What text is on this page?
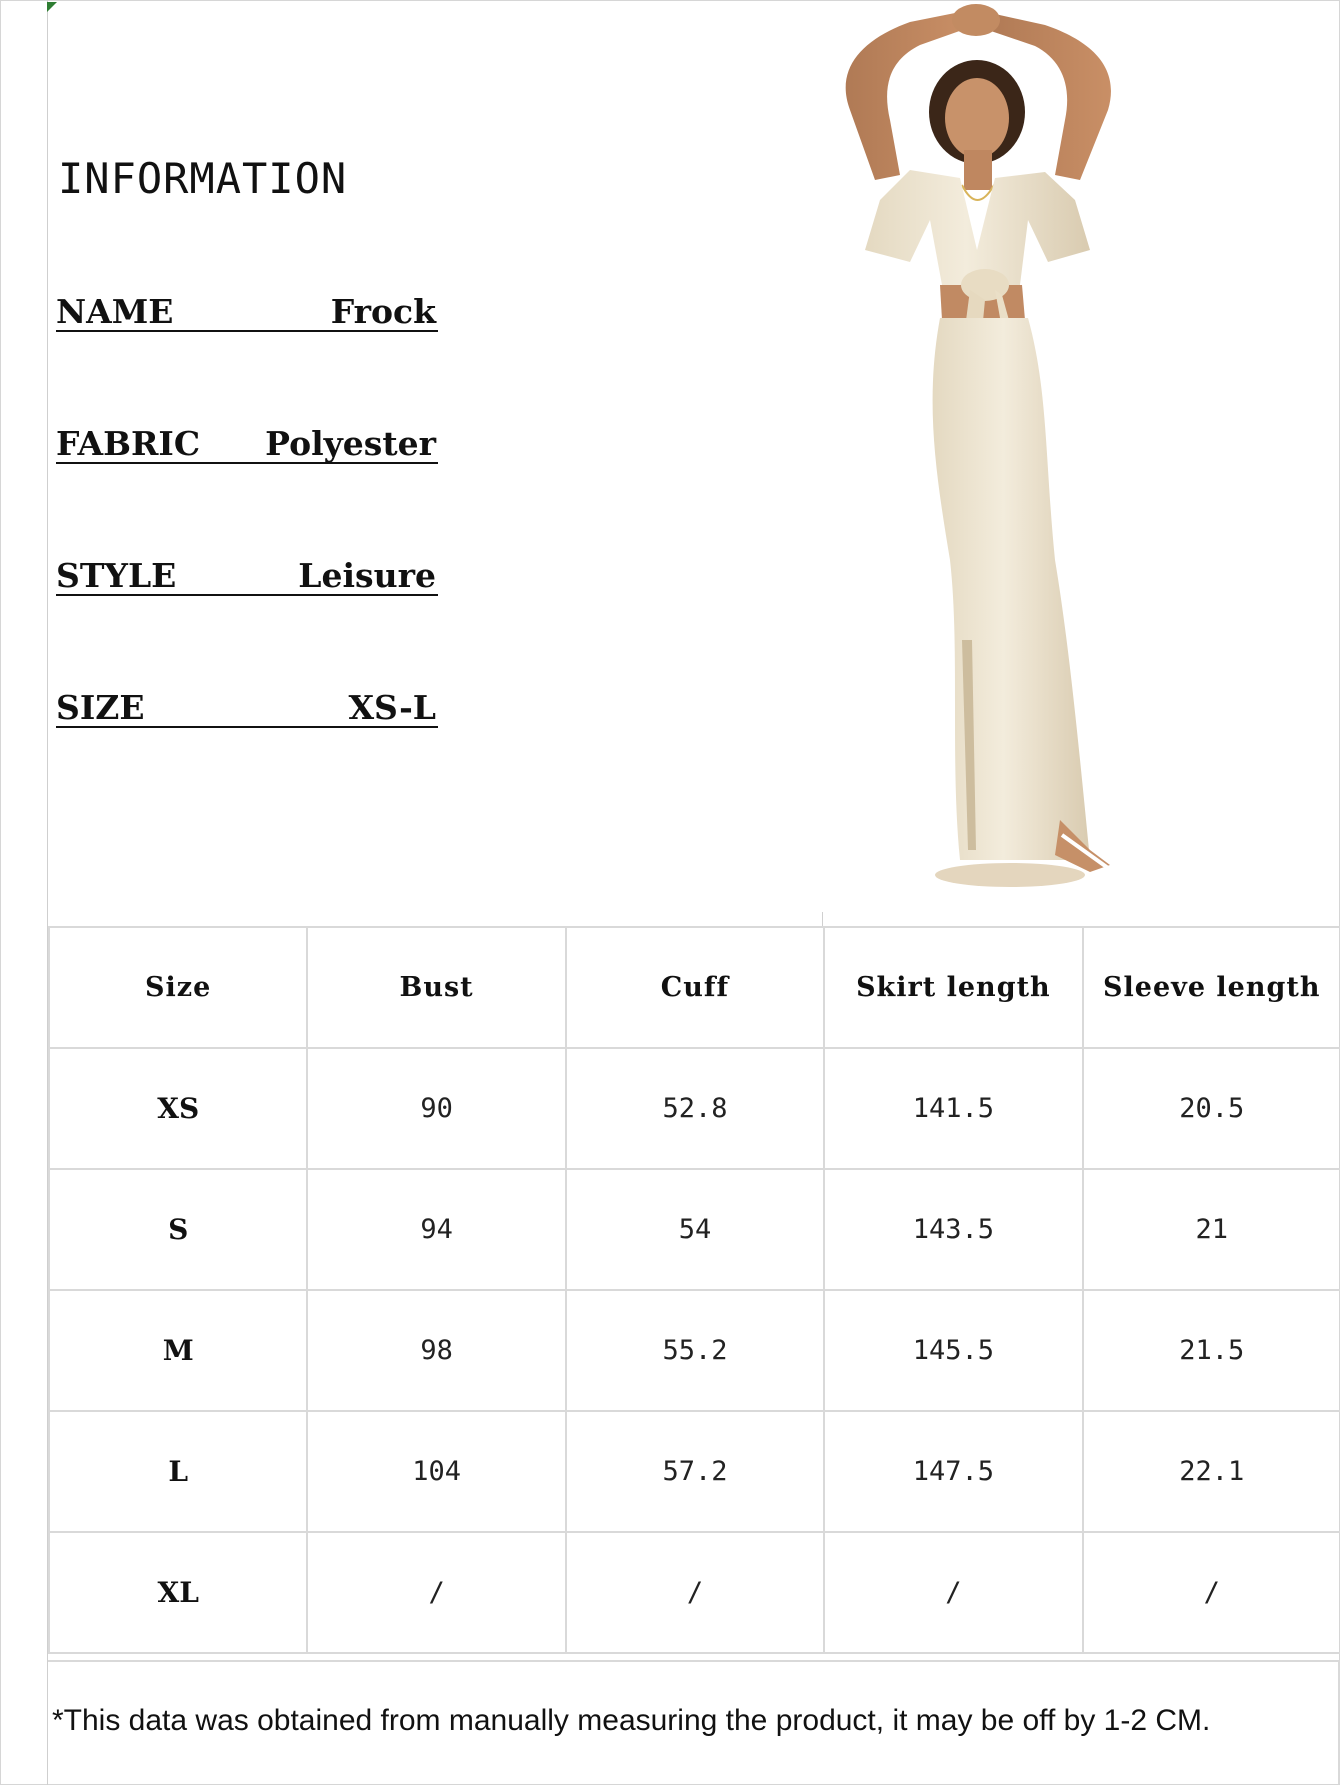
INFORMATION
NAME	Frock
FABRIC Polyester
STYLE	Leisure
SIZE	XS-L
Size	Bust	Cuff	Skirt length	Sleeve length
XS	90	52.8	141.5	20.5
S	94	54	143.5	21
M	98	55.2	145.5	21.5
L	104	57.2	147.5	22.1
XL	/	/	/	/
*This data was obtained from manually measuring the product, it may be off by 1-2 CM.
